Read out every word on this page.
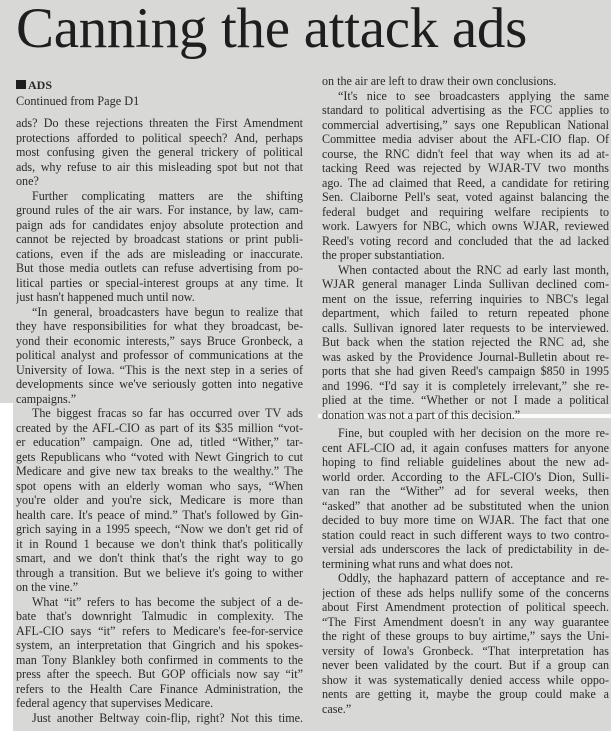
Canning the attack ads
ADS
Continued from Page D1
ads? Do these rejections threaten the First Amendment
protections afforded to political speech? And, perhaps
most confusing given the general trickery of political
ads, why refuse to air this misleading spot but not that
one?
Further complicating matters are the shifting
ground rules of the air wars. For instance, by law, cam-
paign ads for candidates enjoy absolute protection and
cannot be rejected by broadcast stations or print publi-
cations, even if the ads are misleading or inaccurate.
But those media outlets can refuse advertising from po-
litical parties or special-interest groups at any time. It
just hasn't happened much until now.
“In general, broadcasters have begun to realize that
they have responsibilities for what they broadcast, be-
yond their economic interests,” says Bruce Gronbeck, a
political analyst and professor of communications at the
University of Iowa. “This is the next step in a series of
developments since we've seriously gotten into negative
campaigns.”
The biggest fracas so far has occurred over TV ads
created by the AFL-CIO as part of its $35 million “vot-
er education” campaign. One ad, titled “Wither,” tar-
gets Republicans who “voted with Newt Gingrich to cut
Medicare and give new tax breaks to the wealthy.” The
spot opens with an elderly woman who says, “When
you're older and you're sick, Medicare is more than
health care. It's peace of mind.” That's followed by Gin-
grich saying in a 1995 speech, “Now we don't get rid of
it in Round 1 because we don't think that's politically
smart, and we don't think that's the right way to go
through a transition. But we believe it's going to wither
on the vine.”
What “it” refers to has become the subject of a de-
bate that's downright Talmudic in complexity. The
AFL-CIO says “it” refers to Medicare's fee-for-service
system, an interpretation that Gingrich and his spokes-
man Tony Blankley both confirmed in comments to the
press after the speech. But GOP officials now say “it”
refers to the Health Care Finance Administration, the
federal agency that supervises Medicare.
Just another Beltway coin-flip, right? Not this time.
on the air are left to draw their own conclusions.
“It's nice to see broadcasters applying the same
standard to political advertising as the FCC applies to
commercial advertising,” says one Republican National
Committee media adviser about the AFL-CIO flap. Of
course, the RNC didn't feel that way when its ad at-
tacking Reed was rejected by WJAR-TV two months
ago. The ad claimed that Reed, a candidate for retiring
Sen. Claiborne Pell's seat, voted against balancing the
federal budget and requiring welfare recipients to
work. Lawyers for NBC, which owns WJAR, reviewed
Reed's voting record and concluded that the ad lacked
the proper substantiation.
When contacted about the RNC ad early last month,
WJAR general manager Linda Sullivan declined com-
ment on the issue, referring inquiries to NBC's legal
department, which failed to return repeated phone
calls. Sullivan ignored later requests to be interviewed.
But back when the station rejected the RNC ad, she
was asked by the Providence Journal-Bulletin about re-
ports that she had given Reed's campaign $850 in 1995
and 1996. “I'd say it is completely irrelevant,” she re-
plied at the time. “Whether or not I made a political
donation was not a part of this decision.”
Fine, but coupled with her decision on the more re-
cent AFL-CIO ad, it again confuses matters for anyone
hoping to find reliable guidelines about the new ad-
world order. According to the AFL-CIO's Dion, Sulli-
van ran the “Wither” ad for several weeks, then
“asked” that another ad be substituted when the union
decided to buy more time on WJAR. The fact that one
station could react in such different ways to two contro-
versial ads underscores the lack of predictability in de-
termining what runs and what does not.
Oddly, the haphazard pattern of acceptance and re-
jection of these ads helps nullify some of the concerns
about First Amendment protection of political speech.
“The First Amendment doesn't in any way guarantee
the right of these groups to buy airtime,” says the Uni-
versity of Iowa's Gronbeck. “That interpretation has
never been validated by the court. But if a group can
show it was systematically denied access while oppo-
nents are getting it, maybe the group could make a
case.”
